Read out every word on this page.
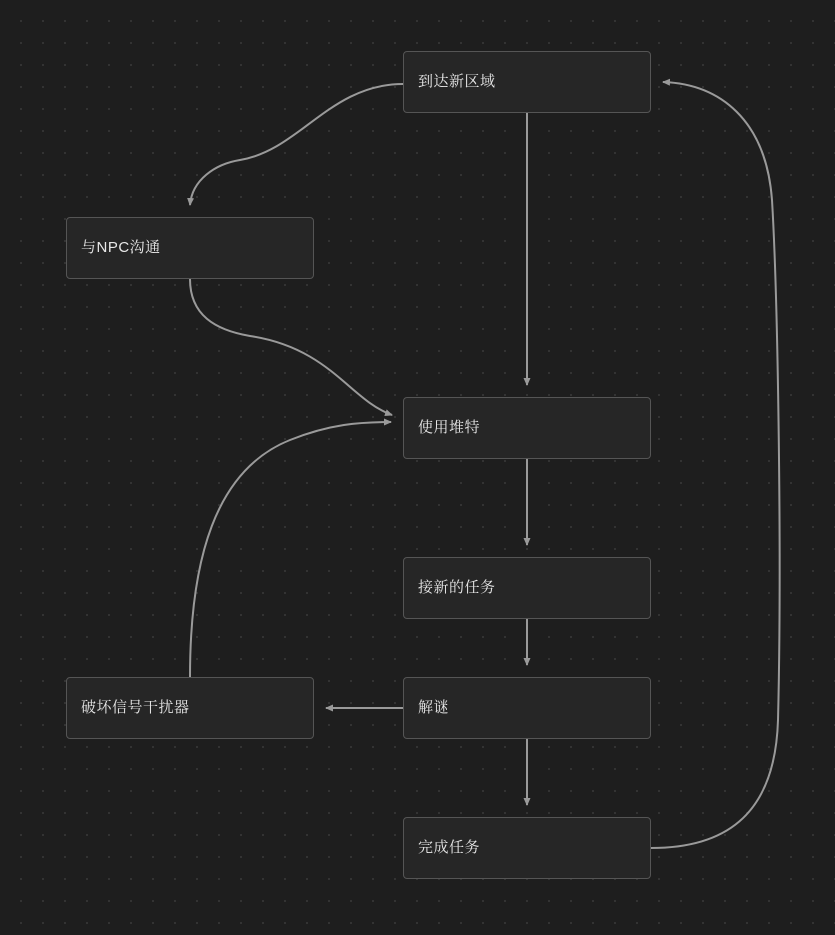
到达新区域
与NPC沟通
使用堆特
接新的任务
破坏信号干扰器	解谜
完成任务
